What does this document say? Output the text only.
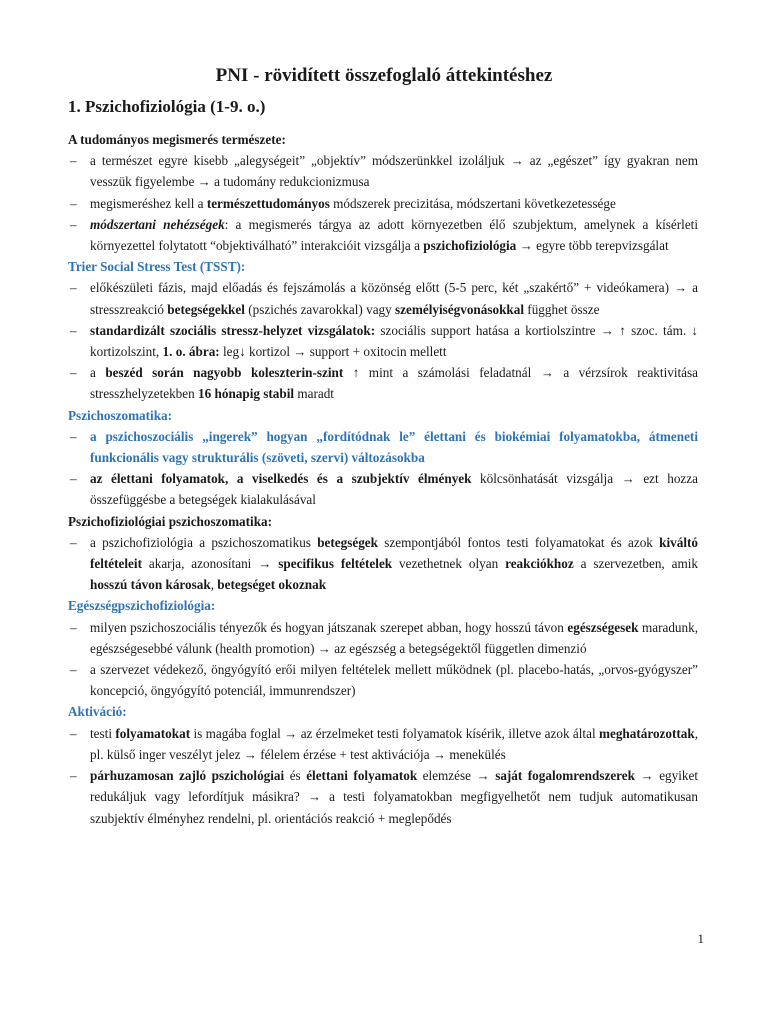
PNI - rövidített összefoglaló áttekintéshez
1. Pszichofiziológia (1-9. o.)
A tudományos megismerés természete:
– a természet egyre kisebb „alegységeit” „objektív” módszerünkkel izoláljuk → az „egészet” így gyakran nem vesszük figyelembe → a tudomány redukcionizmusa
– megismeréshez kell a természettudományos módszerek precizitása, módszertani következetessége
– módszertani nehézségek: a megismerés tárgya az adott környezetben élő szubjektum, amelynek a kísérleti környezettel folytatott “objektiválható” interakcióit vizsgálja a pszichofiziológia → egyre több terepvizsgálat
Trier Social Stress Test (TSST):
– előkészületi fázis, majd előadás és fejszámolás a közönség előtt (5-5 perc, két „szakértő” + videókamera) → a stresszreakció betegségekkel (pszichés zavarokkal) vagy személyiségvonásokkal függhet össze
– standardizált szociális stressz-helyzet vizsgálatok: szociális support hatása a kortiolszintre → ↑ szoc. tám. ↓ kortizolszint, 1. o. ábra: leg↓ kortizol → support + oxitocin mellett
– a beszéd során nagyobb koleszterin-szint ↑ mint a számolási feladatnál → a vérzsírok reaktivitása stresszhelyzetekben 16 hónapig stabil maradt
Pszichoszomatika:
– a pszichoszociális „ingerek” hogyan „fordítódnak le” élettani és biokémiai folyamatokba, átmeneti funkcionális vagy strukturális (szöveti, szervi) változásokba
– az élettani folyamatok, a viselkedés és a szubjektív élmények kölcsönhatását vizsgálja → ezt hozza összefüggésbe a betegségek kialakulásával
Pszichofiziológiai pszichoszomatika:
– a pszichofiziológia a pszichoszomatikus betegségek szempontjából fontos testi folyamatokat és azok kiváltó feltételeit akarja, azonosítani → specifikus feltételek vezethetnek olyan reakciókhoz a szervezetben, amik hosszú távon károsak, betegséget okoznak
Egészségpszichofiziológia:
– milyen pszichoszociális tényezők és hogyan játszanak szerepet abban, hogy hosszú távon egészségesek maradunk, egészségesebbé válunk (health promotion) → az egészség a betegségektől független dimenzió
– a szervezet védekező, öngyógyító erői milyen feltételek mellett működnek (pl. placebo-hatás, „orvos-gyógyszer” koncepció, öngyógyító potenciál, immunrendszer)
Aktiváció:
– testi folyamatokat is magába foglal → az érzelmeket testi folyamatok kísérik, illetve azok által meghatározottak, pl. külső inger veszélyt jelez → félelem érzése + test aktivációja → menekülés
– párhuzamosan zajló pszichológiai és élettani folyamatok elemzése → saját fogalomrendszerek → egyiket redukáljuk vagy lefordítjuk másikra? → a testi folyamatokban megfigyelhetőt nem tudjuk automatikusan szubjektív élményhez rendelni, pl. orientációs reakció + meglepődés
1
